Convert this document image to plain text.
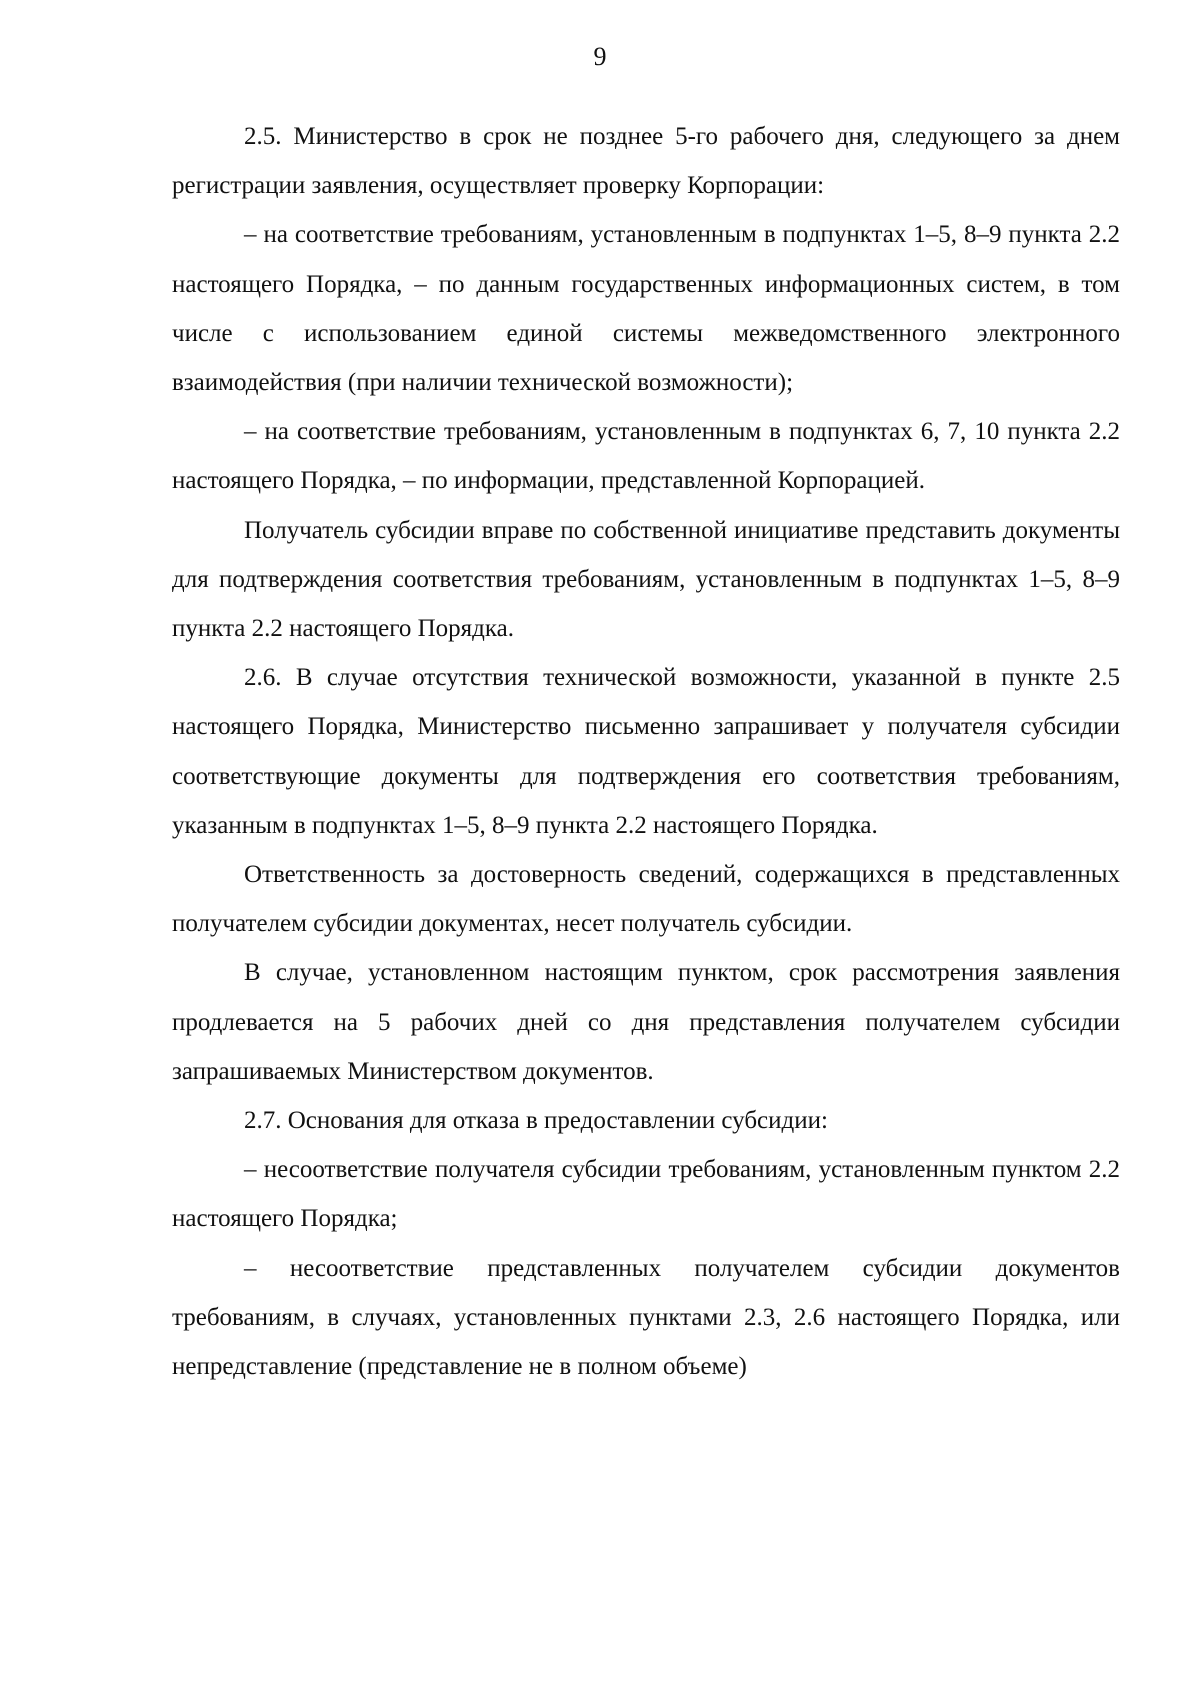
9

2.5. Министерство в срок не позднее 5-го рабочего дня, следующего за днем регистрации заявления, осуществляет проверку Корпорации:

– на соответствие требованиям, установленным в подпунктах 1–5, 8–9 пункта 2.2 настоящего Порядка, – по данным государственных информационных систем, в том числе с использованием единой системы межведомственного электронного взаимодействия (при наличии технической возможности);

– на соответствие требованиям, установленным в подпунктах 6, 7, 10 пункта 2.2 настоящего Порядка, – по информации, представленной Корпорацией.

Получатель субсидии вправе по собственной инициативе представить документы для подтверждения соответствия требованиям, установленным в подпунктах 1–5, 8–9 пункта 2.2 настоящего Порядка.

2.6. В случае отсутствия технической возможности, указанной в пункте 2.5 настоящего Порядка, Министерство письменно запрашивает у получателя субсидии соответствующие документы для подтверждения его соответствия требованиям, указанным в подпунктах 1–5, 8–9 пункта 2.2 настоящего Порядка.

Ответственность за достоверность сведений, содержащихся в представленных получателем субсидии документах, несет получатель субсидии.

В случае, установленном настоящим пунктом, срок рассмотрения заявления продлевается на 5 рабочих дней со дня представления получателем субсидии запрашиваемых Министерством документов.

2.7. Основания для отказа в предоставлении субсидии:

– несоответствие получателя субсидии требованиям, установленным пунктом 2.2 настоящего Порядка;

– несоответствие представленных получателем субсидии документов требованиям, в случаях, установленных пунктами 2.3, 2.6 настоящего Порядка, или непредставление (представление не в полном объеме)
